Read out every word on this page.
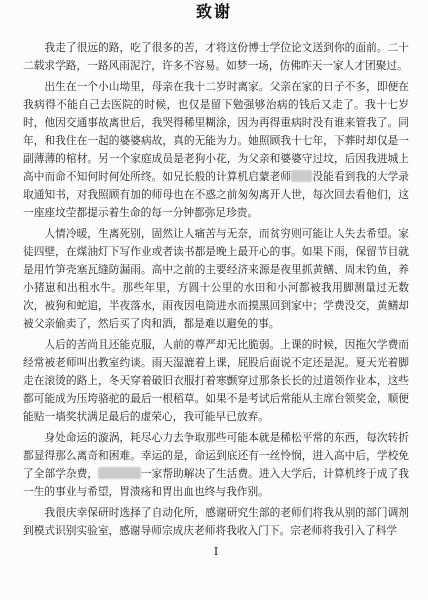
致谢

我走了很远的路，吃了很多的苦，才将这份博士学位论文送到你的面前。二十二载求学路，一路风雨泥泞，许多不容易。如梦一场，仿佛昨天一家人才团聚过。

出生在一个小山坳里，母亲在我十二岁时离家。父亲在家的日子不多，即便在我病得不能自己去医院的时候，也仅是留下勉强够治病的钱后又走了。我十七岁时，他因交通事故离世后，我哭得稀里糊涂，因为再得重病时没有谁来管我了。同年，和我住在一起的婆婆病故，真的无能为力。她照顾我十七年，下葬时却仅是一副薄薄的棺材。另一个家庭成员是老狗小花，为父亲和婆婆守过坟，后因我进城上高中而命不知何时何处所终。如兄长般的计算机启蒙老师 没能看到我的大学录取通知书，对我照顾有加的师母也在不惑之前匆匆离开人世，每次回去看他们，这一座座坟茔都提示着生命的每一分钟都弥足珍贵。

人情冷暖，生离死别，固然让人痛苦与无奈，而贫穷则可能让人失去希望。家徒四壁，在煤油灯下写作业或者读书都是晚上最开心的事。如果下雨，保留节目就是用竹笋壳塞瓦缝防漏雨。高中之前的主要经济来源是夜里抓黄鳝、周末钓鱼，养小猪崽和出租水牛。那些年里，方圆十公里的水田和小河都被我用脚测量过无数次，被狗和蛇追，半夜落水，雨夜因电筒进水而摸黑回到家中；学费没交，黄鳝却被父亲偷卖了，然后买了肉和酒，都是难以避免的事。

人后的苦尚且还能克服，人前的尊严却无比脆弱。上课的时候，因拖欠学费而经常被老师叫出教室约谈。雨天湿漉着上课，屁股后面说不定还是泥。夏天光着脚走在滚烫的路上，冬天穿着破旧衣服打着寒颤穿过那条长长的过道领作业本，这些都可能成为压垮骆驼的最后一根稻草。如果不是考试后常能从主席台领奖金，顺便能贴一墙奖状满足最后的虚荣心，我可能早已放弃。

身处命运的漩涡，耗尽心力去争取那些可能本就是稀松平常的东西，每次转折都显得那么离奇和困难。幸运的是，命运到底还有一丝怜悯，进入高中后，学校免了全部学杂费，	一家帮助解决了生活费。进入大学后，计算机终于成了我一生的事业与希望，胃溃疡和胃出血也终与我作别。

我很庆幸保研时选择了自动化所，感谢研究生部的老师们将我从别的部门调剂到模式识别实验室，感谢导师宗成庆老师将我收入门下。宗老师将我引入了科学

I
